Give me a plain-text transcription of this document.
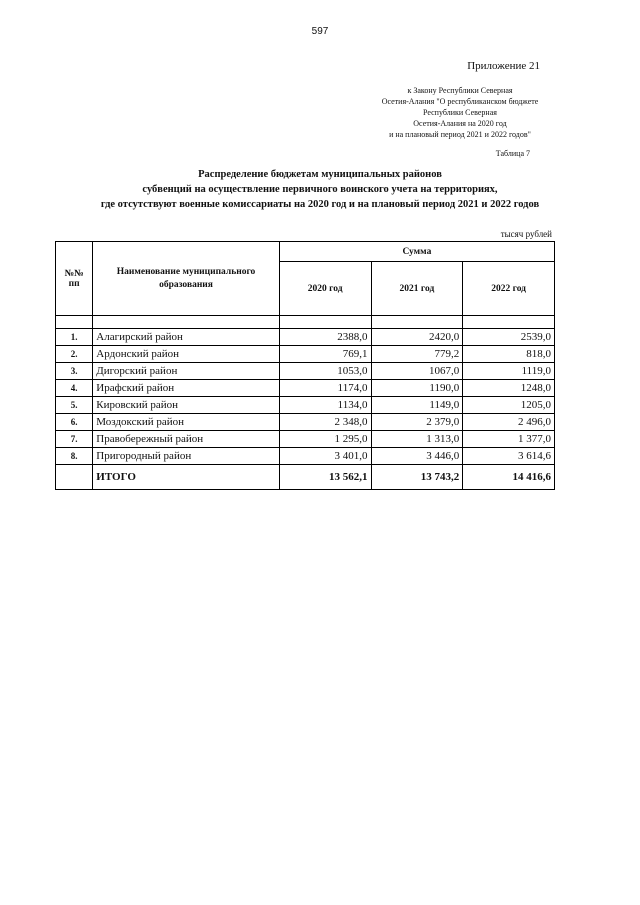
597
Приложение 21
к Закону Республики Северная
Осетия-Алания "О республиканском бюджете
Республики Северная
Осетия-Алания на 2020 год
и на плановый период 2021 и 2022 годов"
Таблица 7
Распределение бюджетам муниципальных районов
субвенций на осуществление первичного воинского учета на территориях,
где отсутствуют военные комиссариаты на 2020 год и на плановый период 2021 и 2022 годов
тысяч рублей
№№ пп	Наименование муниципального образования	Сумма		
		2020 год	2021 год	2022 год

1.	Алагирский район	2388,0	2420,0	2539,0
2.	Ардонский район	769,1	779,2	818,0
3.	Дигорский район	1053,0	1067,0	1119,0
4.	Ирафский район	1174,0	1190,0	1248,0
5.	Кировский район	1134,0	1149,0	1205,0
6.	Моздокский район	2 348,0	2 379,0	2 496,0
7.	Правобережный район	1 295,0	1 313,0	1 377,0
8.	Пригородный район	3 401,0	3 446,0	3 614,6
	ИТОГО	13 562,1	13 743,2	14 416,6
